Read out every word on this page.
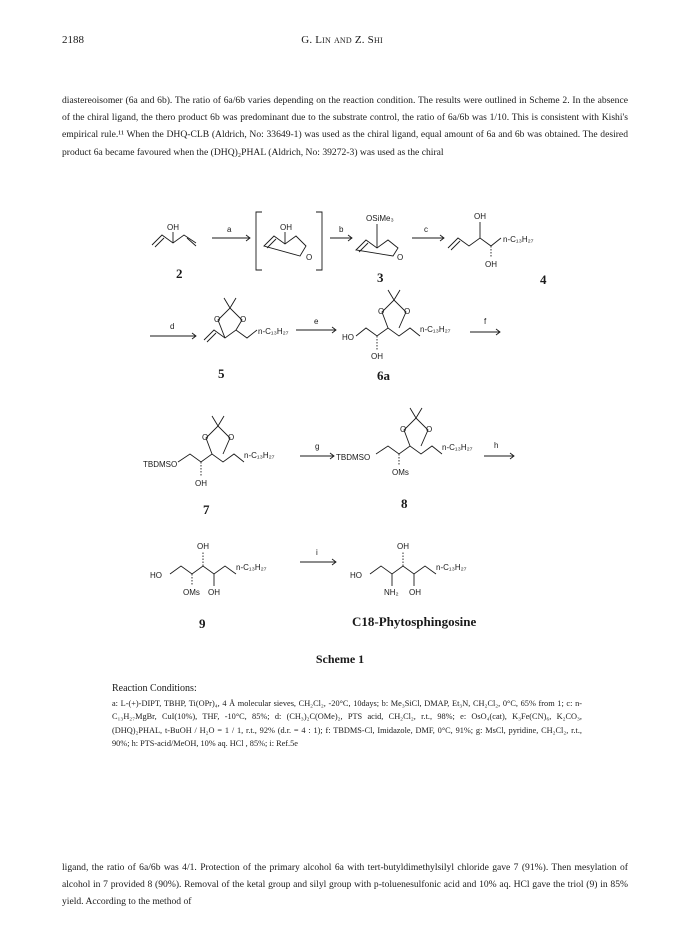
2188	G. Lin and Z. Shi

diastereoisomer (6a and 6b). The ratio of 6a/6b varies depending on the reaction condition. The results were outlined in Scheme 2. In the absence of the chiral ligand, the thero product 6b was predominant due to the substrate control, the ratio of 6a/6b was 1/10. This is consistent with Kishi's empirical rule.¹¹ When the DHQ-CLB (Aldrich, No: 33649-1) was used as the chiral ligand, equal amount of 6a and 6b was obtained. The desired product 6a became favoured when the (DHQ)₂PHAL (Aldrich, No: 39272-3) was used as the chiral

OH
2
a	OH
O
b
OSiMe₃
O
3
c
OH
OH
n-C₁₃H₂₇
4
d
O O
n-C₁₃H₂₇
5
e
HO
OH
O O
n-C₁₃H₂₇
6a
f
TBDMSO
OH
O O
n-C₁₃H₂₇
7
g
TBDMSO
OMs
O O
n-C₁₃H₂₇
8
h
HO
OH
OMs OH
n-C₁₃H₂₇
9
i
HO
OH
NH₂ OH
n-C₁₃H₂₇
C18-Phytosphingosine
Scheme 1
Reaction Conditions:
a: L-(+)-DIPT, TBHP, Ti(OPr)₄, 4 Å molecular sieves, CH₂Cl₂, -20°C, 10days; b: Me₃SiCl, DMAP, Et₃N, CH₂Cl₂, 0°C, 65% from 1; c: n-C₁₃H₂₇MgBr, CuI(10%), THF, -10°C, 85%; d: (CH₃)₂C(OMe)₂, PTS acid, CH₂Cl₂, r.t., 98%; e: OsO₄(cat), K₃Fe(CN)₆, K₂CO₃, (DHQ)₂PHAL, t-BuOH / H₂O = 1 / 1, r.t., 92% (d.r. = 4 : 1); f: TBDMS-Cl, Imidazole, DMF, 0°C, 91%; g: MsCl, pyridine, CH₂Cl₂, r.t., 90%; h: PTS-acid/MeOH, 10% aq. HCl , 85%; i: Ref.5e

ligand, the ratio of 6a/6b was 4/1. Protection of the primary alcohol 6a with tert-butyldimethylsilyl chloride gave 7 (91%). Then mesylation of alcohol in 7 provided 8 (90%). Removal of the ketal group and silyl group with p-toluenesulfonic acid and 10% aq. HCl gave the triol (9) in 85% yield. According to the method of
